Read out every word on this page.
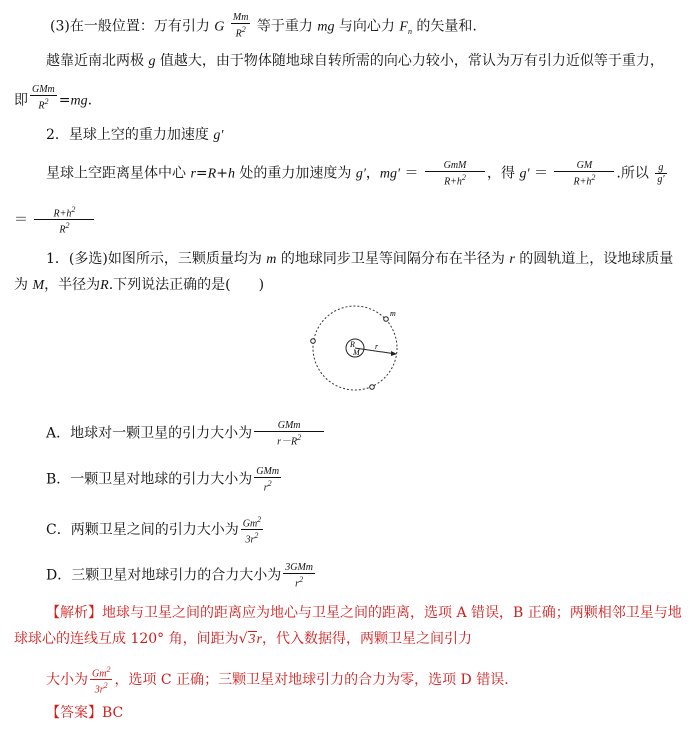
(3)在一般位置：万有引力 G $\frac{Mm}{R^2}$ 等于重力 mg 与向心力 $F_n$ 的矢量和.
越靠近南北两极 g 值越大，由于物体随地球自转所需的向心力较小，常认为万有引力近似等于重力，
即 $\frac{\text{GMm}}{R^2} =mg$.
2．星球上空的重力加速度 g′
星球上空距离星体中心 r=R+h 处的重力加速度为 g′，$mg' = \frac{\text{GmM}}{R+h^2}$ ，得 $g' = \frac{GM}{R+h^2}$ .所以 $\frac{g}{g'}$
＝ $\frac{R+h^2}{R^2}$
1．(多选)如图所示，三颗质量均为 m 的地球同步卫星等间隔分布在半径为 r 的圆轨道上，设地球质量
为 M，半径为R.下列说法正确的是(　　)
R
M
m
r
A．地球对一颗卫星的引力大小为 $\frac{\text{GMm}}{r-R^2}$
B．一颗卫星对地球的引力大小为 $\frac{\text{GMm}}{r^2}$
C．两颗卫星之间的引力大小为 $\frac{Gm^2}{3r^2}$
D．三颗卫星对地球引力的合力大小为 $\frac{\text{3GMm}}{r^2}$
【解析】地球与卫星之间的距离应为地心与卫星之间的距离，选项 A 错误，B 正确；两颗相邻卫星与地
球球心的连线互成 120° 角，间距为√3r，代入数据得，两颗卫星之间引力
大小为 $\frac{Gm^2}{3r^2}$ ，选项 C 正确；三颗卫星对地球引力的合力为零，选项 D 错误.
【答案】BC
